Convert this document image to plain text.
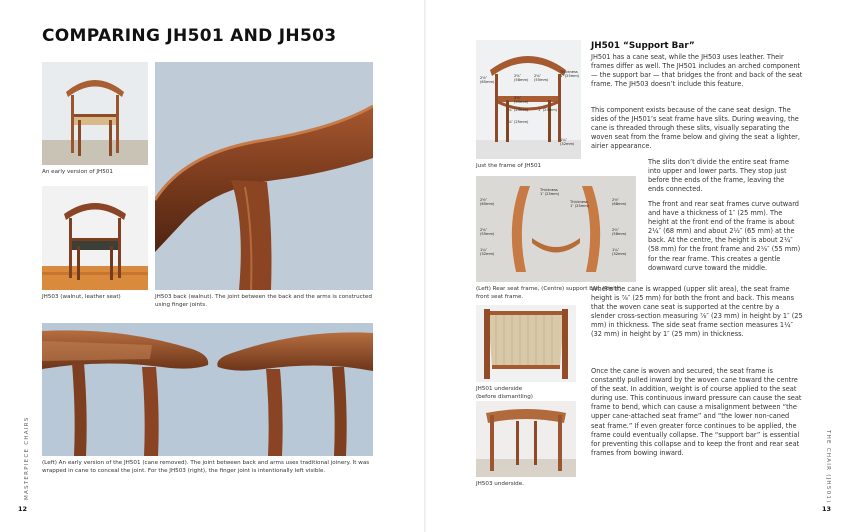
COMPARING JH501 AND JH503
An early version of JH501
JH503 (walnut, leather seat)	JH503 back (walnut). The joint between the back and the arms is constructed using finger joints.
(Left) An early version of the JH501 (cane removed). The joint between back and arms uses traditional joinery. It was wrapped in cane to conceal the joint. For the JH503 (right), the finger joint is intentionally left visible.
12
MASTERPIECE CHAIRS
2½″ (65mm)
2⅖″ (58mm)
2⅖″ (55mm)
2⅛″ (55mm)
Thickness 1″ (25mm)
1″ (25mm)
⅞″ (23mm)
⅞″ (25mm)
1¼″ (32mm)
Just the frame of JH501
Thickness 1″ (25mm)
Thickness 1″ (25mm)
2½″ (65mm)
2⅛″ (55mm)
2½″ (68mm)
2⅖″ (58mm)
1¼″ (32mm)
1¼″ (32mm)
(Left) Rear seat frame, (Centre) support bar, (Right) front seat frame.
JH501 underside (before dismantling)
JH503 underside.
JH501 “Support Bar”
JH501 has a cane seat, while the JH503 uses leather. Their frames differ as well. The JH501 includes an arched component — the support bar — that bridges the front and back of the seat frame. The JH503 doesn’t include this feature.
This component exists because of the cane seat design. The sides of the JH501’s seat frame have slits. During weaving, the cane is threaded through these slits, visually separating the woven seat from the frame below and giving the seat a lighter, airier appearance.
The slits don’t divide the entire seat frame into upper and lower parts. They stop just before the ends of the frame, leaving the ends connected.
The front and rear seat frames curve outward and have a thickness of 1″ (25 mm). The height at the front end of the frame is about 2¼″ (68 mm) and about 2½″ (65 mm) at the back. At the centre, the height is about 2¼″ (58 mm) for the front frame and 2⅛″ (55 mm) for the rear frame. This creates a gentle downward curve toward the middle.
Where the cane is wrapped (upper slit area), the seat frame height is ⅞″ (25 mm) for both the front and back. This means that the woven cane seat is supported at the centre by a slender cross-section measuring ⅞″ (23 mm) in height by 1″ (25 mm) in thickness. The side seat frame section measures 1¼″ (32 mm) in height by 1″ (25 mm) in thickness.
Once the cane is woven and secured, the seat frame is constantly pulled inward by the woven cane toward the centre of the seat. In addition, weight is of course applied to the seat during use. This continuous inward pressure can cause the seat frame to bend, which can cause a misalignment between “the upper cane-attached seat frame” and “the lower non-caned seat frame.” If even greater force continues to be applied, the frame could eventually collapse. The “support bar” is essential for preventing this collapse and to keep the front and rear seat frames from bowing inward.
13
THE CHAIR (JH501)
